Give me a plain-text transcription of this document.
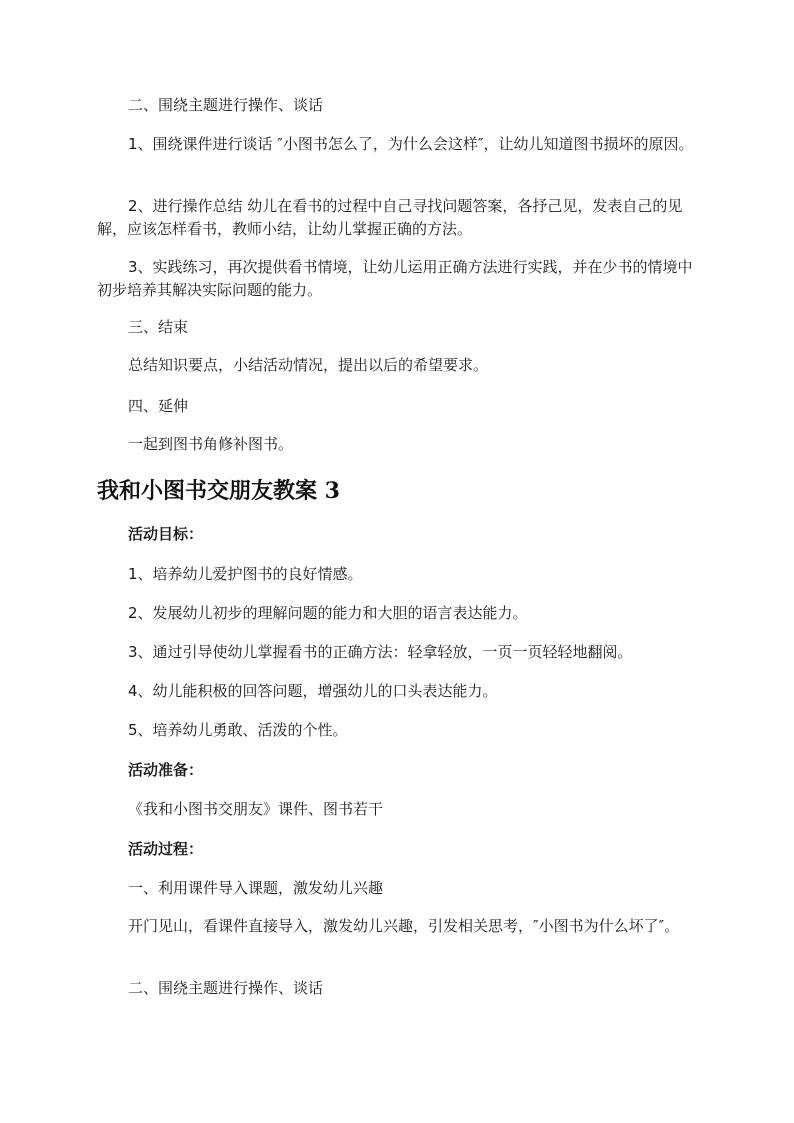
二、围绕主题进行操作、谈话
1、围绕课件进行谈话 ″小图书怎么了，为什么会这样″，让幼儿知道图书损坏的原因。
2、进行操作总结 幼儿在看书的过程中自己寻找问题答案，各抒己见，发表自己的见解，应该怎样看书，教师小结，让幼儿掌握正确的方法。
3、实践练习，再次提供看书情境，让幼儿运用正确方法进行实践，并在少书的情境中初步培养其解决实际问题的能力。
三、结束
总结知识要点，小结活动情况，提出以后的希望要求。
四、延伸
一起到图书角修补图书。
我和小图书交朋友教案 3
活动目标：
1、培养幼儿爱护图书的良好情感。
2、发展幼儿初步的理解问题的能力和大胆的语言表达能力。
3、通过引导使幼儿掌握看书的正确方法：轻拿轻放，一页一页轻轻地翻阅。
4、幼儿能积极的回答问题，增强幼儿的口头表达能力。
5、培养幼儿勇敢、活泼的个性。
活动准备：
《我和小图书交朋友》课件、图书若干
活动过程：
一、利用课件导入课题，激发幼儿兴趣
开门见山，看课件直接导入，激发幼儿兴趣，引发相关思考，″小图书为什么坏了″。
二、围绕主题进行操作、谈话
